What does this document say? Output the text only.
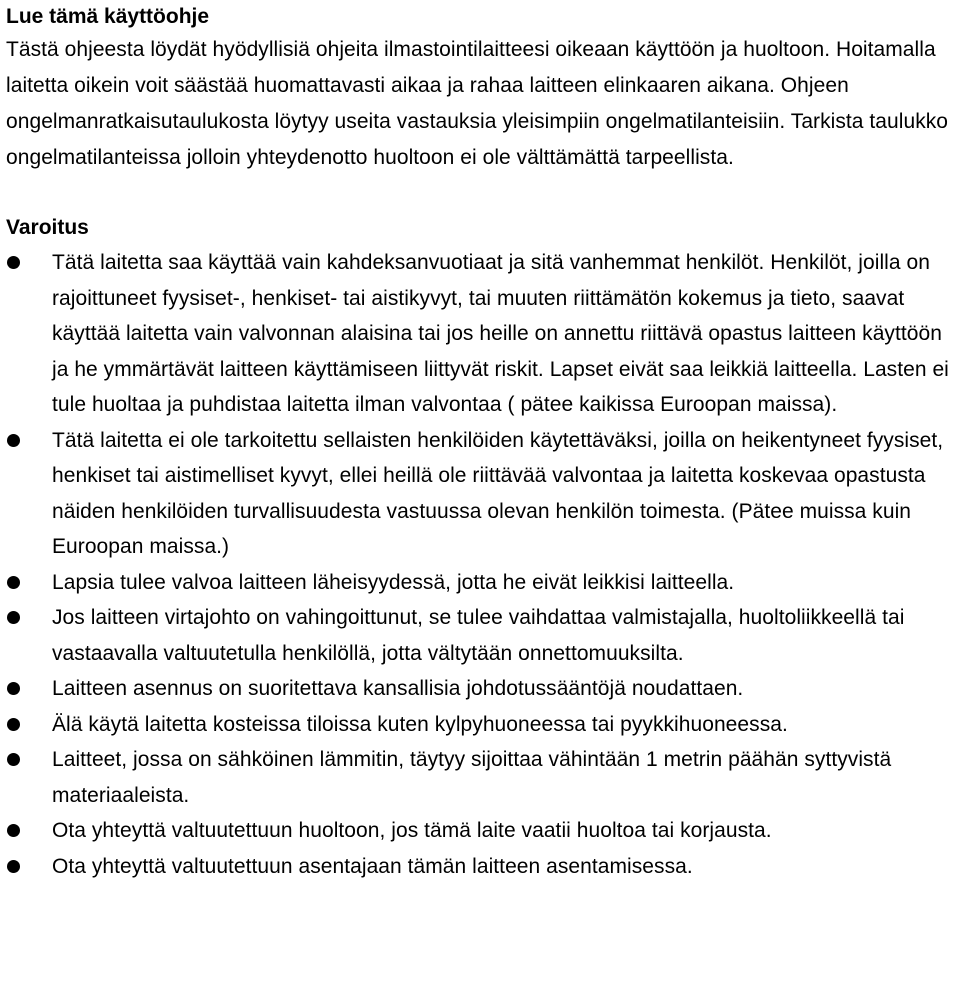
Lue tämä käyttöohje

Tästä ohjeesta löydät hyödyllisiä ohjeita ilmastointilaitteesi oikeaan käyttöön ja huoltoon. Hoitamalla laitetta oikein voit säästää huomattavasti aikaa ja rahaa laitteen elinkaaren aikana. Ohjeen ongelmanratkaisutaulukosta löytyy useita vastauksia yleisimpiin ongelmatilanteisiin. Tarkista taulukko ongelmatilanteissa jolloin yhteydenotto huoltoon ei ole välttämättä tarpeellista.

Varoitus
Tätä laitetta saa käyttää vain kahdeksanvuotiaat ja sitä vanhemmat henkilöt. Henkilöt, joilla on rajoittuneet fyysiset-, henkiset- tai aistikyvyt, tai muuten riittämätön kokemus ja tieto, saavat käyttää laitetta vain valvonnan alaisina tai jos heille on annettu riittävä opastus laitteen käyttöön ja he ymmärtävät laitteen käyttämiseen liittyvät riskit. Lapset eivät saa leikkiä laitteella. Lasten ei tule huoltaa ja puhdistaa laitetta ilman valvontaa ( pätee kaikissa Euroopan maissa).
Tätä laitetta ei ole tarkoitettu sellaisten henkilöiden käytettäväksi, joilla on heikentyneet fyysiset, henkiset tai aistimelliset kyvyt, ellei heillä ole riittävää valvontaa ja laitetta koskevaa opastusta näiden henkilöiden turvallisuudesta vastuussa olevan henkilön toimesta. (Pätee muissa kuin Euroopan maissa.)
Lapsia tulee valvoa laitteen läheisyydessä, jotta he eivät leikkisi laitteella.
Jos laitteen virtajohto on vahingoittunut, se tulee vaihdattaa valmistajalla, huoltoliikkeellä tai vastaavalla valtuutetulla henkilöllä, jotta vältytään onnettomuuksilta.
Laitteen asennus on suoritettava kansallisia johdotussääntöjä noudattaen.
Älä käytä laitetta kosteissa tiloissa kuten kylpyhuoneessa tai pyykkihuoneessa.
Laitteet, jossa on sähköinen lämmitin, täytyy sijoittaa vähintään 1 metrin päähän syttyvistä materiaaleista.
Ota yhteyttä valtuutettuun huoltoon, jos tämä laite vaatii huoltoa tai korjausta.
Ota yhteyttä valtuutettuun asentajaan tämän laitteen asentamisessa.
